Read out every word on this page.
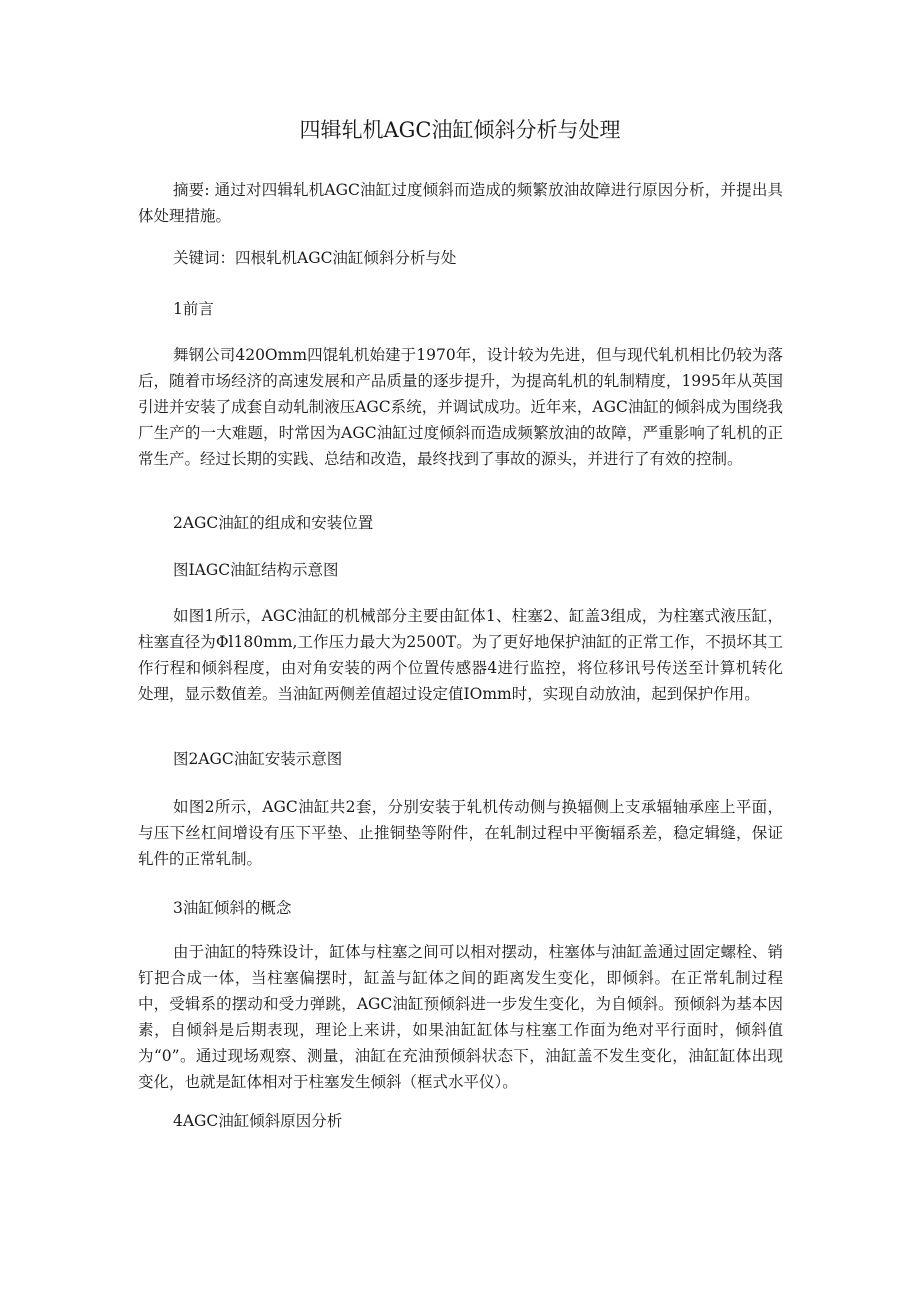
四辑轧机AGC油缸倾斜分析与处理

摘要: 通过对四辑轧机AGC油缸过度倾斜而造成的频繁放油故障进行原因分析，并提出具体处理措施。

关键词：四根轧机AGC油缸倾斜分析与处

1前言

舞钢公司420Omm四馄轧机始建于1970年，设计较为先进，但与现代轧机相比仍较为落后，随着市场经济的高速发展和产品质量的逐步提升，为提高轧机的轧制精度，1995年从英国引进并安装了成套自动轧制液压AGC系统，并调试成功。近年来，AGC油缸的倾斜成为围绕我厂生产的一大难题，时常因为AGC油缸过度倾斜而造成频繁放油的故障，严重影响了轧机的正常生产。经过长期的实践、总结和改造，最终找到了事故的源头，并进行了有效的控制。

2AGC油缸的组成和安装位置

图IAGC油缸结构示意图

如图1所示，AGC油缸的机械部分主要由缸体1、柱塞2、缸盖3组成，为柱塞式液压缸，柱塞直径为Φl180mm,工作压力最大为2500T。为了更好地保护油缸的正常工作，不损坏其工作行程和倾斜程度，由对角安装的两个位置传感器4进行监控，将位移讯号传送至计算机转化处理，显示数值差。当油缸两侧差值超过设定值IOmm时，实现自动放油，起到保护作用。

图2AGC油缸安装示意图

如图2所示，AGC油缸共2套，分别安装于轧机传动侧与换辐侧上支承辐轴承座上平面，与压下丝杠间增设有压下平垫、止推铜垫等附件，在轧制过程中平衡辐系差，稳定辑缝，保证轧件的正常轧制。

3油缸倾斜的概念

由于油缸的特殊设计，缸体与柱塞之间可以相对摆动，柱塞体与油缸盖通过固定螺栓、销钉把合成一体，当柱塞偏摆时，缸盖与缸体之间的距离发生变化，即倾斜。在正常轧制过程中，受辑系的摆动和受力弹跳，AGC油缸预倾斜进一步发生变化，为自倾斜。预倾斜为基本因素，自倾斜是后期表现，理论上来讲，如果油缸缸体与柱塞工作面为绝对平行面时，倾斜值为“0”。通过现场观察、测量，油缸在充油预倾斜状态下，油缸盖不发生变化，油缸缸体出现变化，也就是缸体相对于柱塞发生倾斜（框式水平仪）。

4AGC油缸倾斜原因分析
